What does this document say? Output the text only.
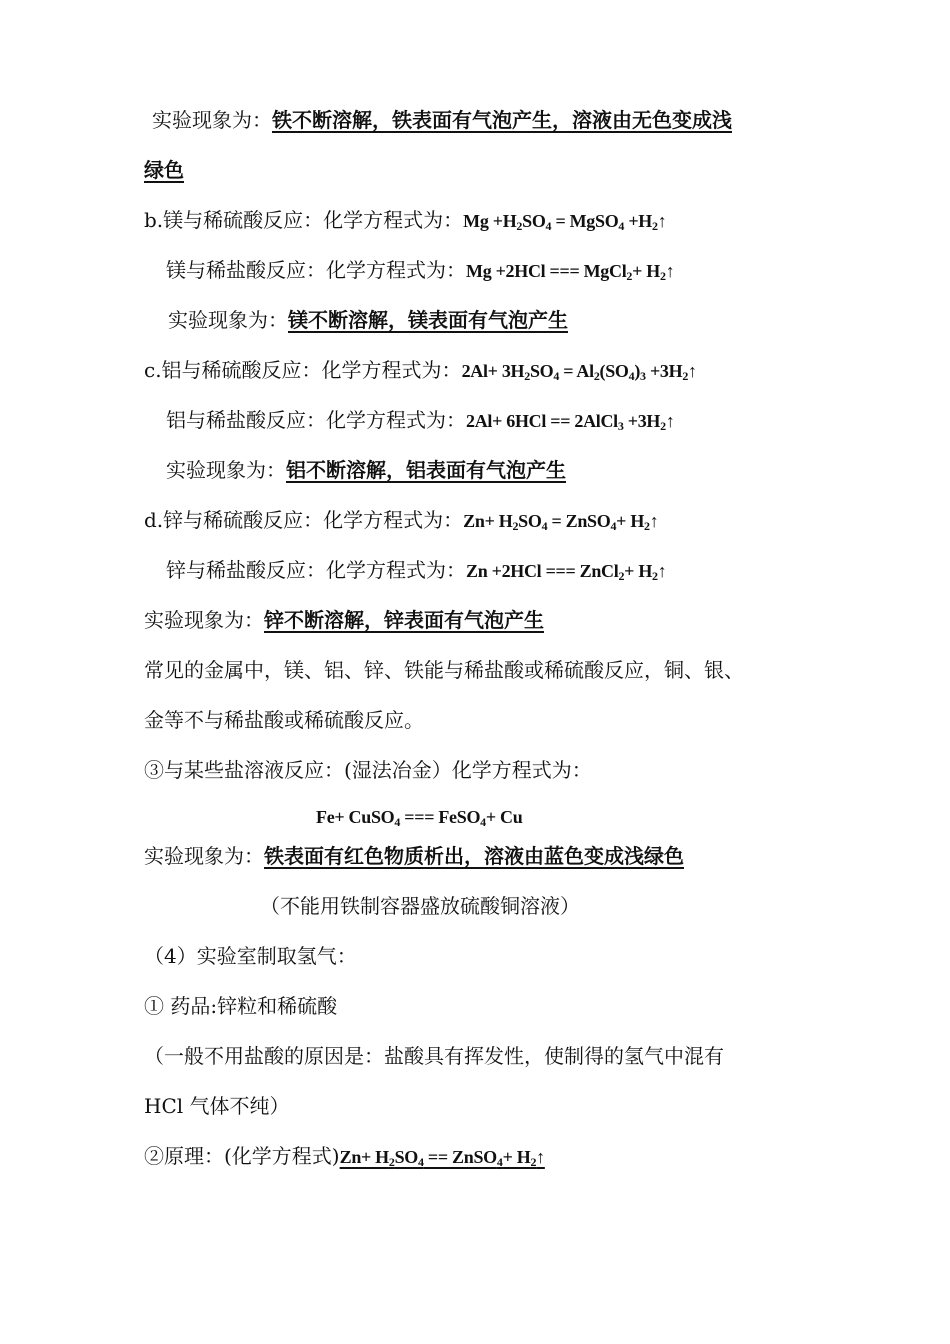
实验现象为：铁不断溶解，铁表面有气泡产生，溶液由无色变成浅
绿色
b.镁与稀硫酸反应：化学方程式为：$Mg +H_2SO_4$ = MgSO$_4$ $+H_2↑$
镁与稀盐酸反应：化学方程式为：Mg +2HCl === MgCl$_2$+ $H_2↑$
实验现象为：镁不断溶解，镁表面有气泡产生
c.铝与稀硫酸反应：化学方程式为：$2Al+ 3H_2SO_4 = Al_2(SO_4)_3$ $+3H_2↑$
铝与稀盐酸反应：化学方程式为：2Al+ 6HCl == 2AlCl$_3$ $+3H_2↑$
实验现象为：铝不断溶解，铝表面有气泡产生
d.锌与稀硫酸反应：化学方程式为：$Zn+ H_2SO_4$ = ZnSO$_4$+ $H_2↑$
锌与稀盐酸反应：化学方程式为：Zn +2HCl === ZnCl$_2$+ $H_2↑$
实验现象为：锌不断溶解，锌表面有气泡产生
常见的金属中，镁、铝、锌、铁能与稀盐酸或稀硫酸反应，铜、银、
金等不与稀盐酸或稀硫酸反应。
③与某些盐溶液反应：(湿法冶金）化学方程式为：
Fe+ CuSO$_4$ === FeSO$_4$+ Cu
实验现象为：铁表面有红色物质析出，溶液由蓝色变成浅绿色
（不能用铁制容器盛放硫酸铜溶液）
（4）实验室制取氢气：
① 药品:锌粒和稀硫酸
（一般不用盐酸的原因是：盐酸具有挥发性，使制得的氢气中混有
HCl 气体不纯）
②原理：(化学方程式)$Zn+ H_2SO_4$ == ZnSO$_4$+ $H_2↑$
